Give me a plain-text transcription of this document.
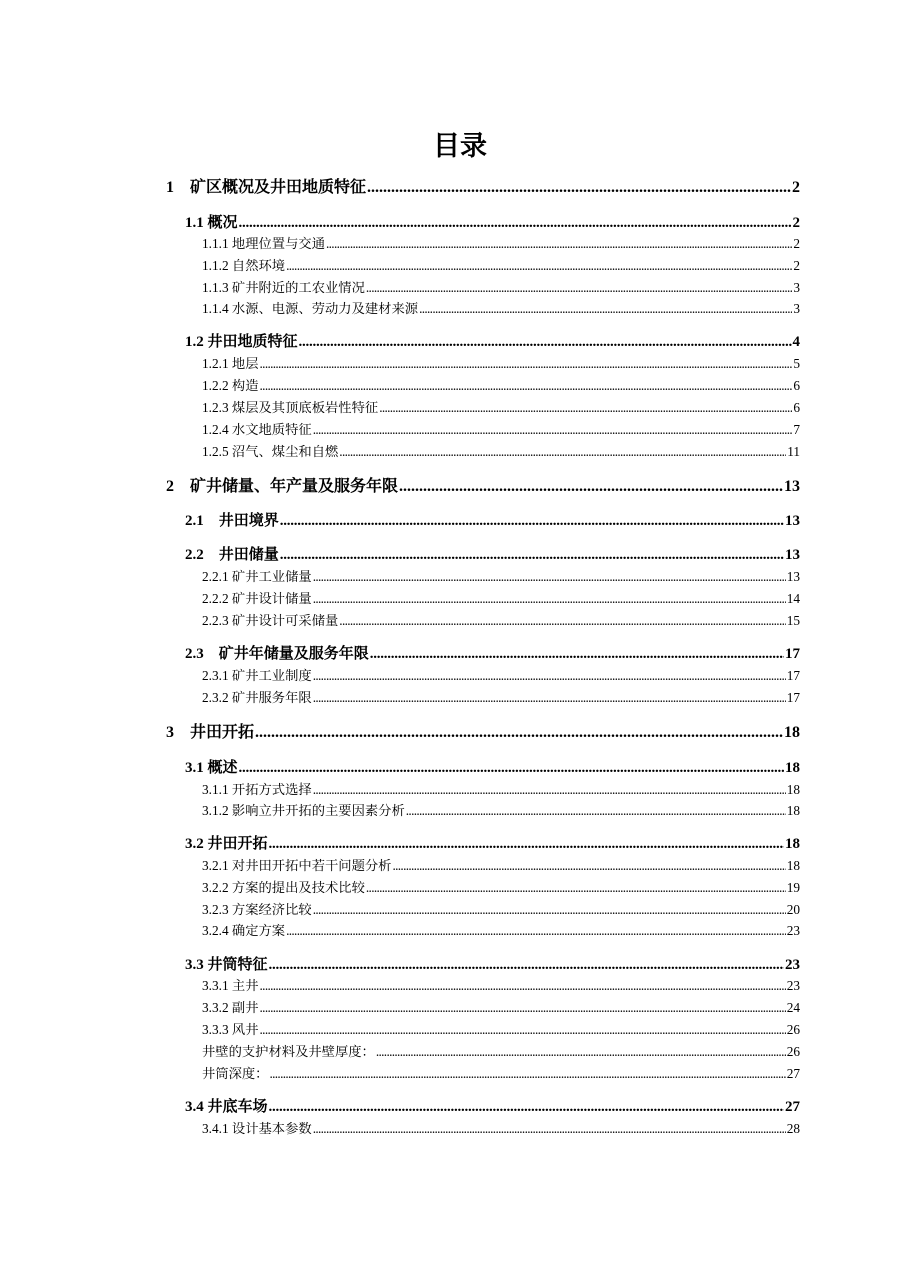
目录
1　矿区概况及井田地质特征 . . .	2
1.1 概况 . . .	2
1.1.1 地理位置与交通 . . .	2
1.1.2 自然环境 . . .	2
1.1.3 矿井附近的工农业情况 . . .	3
1.1.4 水源、电源、劳动力及建材来源 . . .	3
1.2 井田地质特征 . . .	4
1.2.1 地层 . . .	5
1.2.2 构造 . . .	6
1.2.3 煤层及其顶底板岩性特征 . . .	6
1.2.4 水文地质特征 . . .	7
1.2.5 沼气、煤尘和自燃 . . .	11
2　矿井储量、年产量及服务年限 . . .	13
2.1　井田境界 . . .	13
2.2　井田储量 . . .	13
2.2.1 矿井工业储量 . . .	13
2.2.2 矿井设计储量 . . .	14
2.2.3 矿井设计可采储量 . . .	15
2.3　矿井年储量及服务年限 . . .	17
2.3.1 矿井工业制度 . . .	17
2.3.2 矿井服务年限 . . .	17
3　井田开拓 . . .	18
3.1 概述 . . .	18
3.1.1 开拓方式选择 . . .	18
3.1.2 影响立井开拓的主要因素分析 . . .	18
3.2 井田开拓 . . .	18
3.2.1 对井田开拓中若干问题分析 . . .	18
3.2.2 方案的提出及技术比较 . . .	19
3.2.3 方案经济比较 . . .	20
3.2.4 确定方案 . . .	23
3.3 井筒特征 . . .	23
3.3.1 主井 . . .	23
3.3.2 副井 . . .	24
3.3.3 风井 . . .	26
井壁的支护材料及井壁厚度： . . .	26
井筒深度： . . .	27
3.4 井底车场 . . .	27
3.4.1 设计基本参数 . . .	28
